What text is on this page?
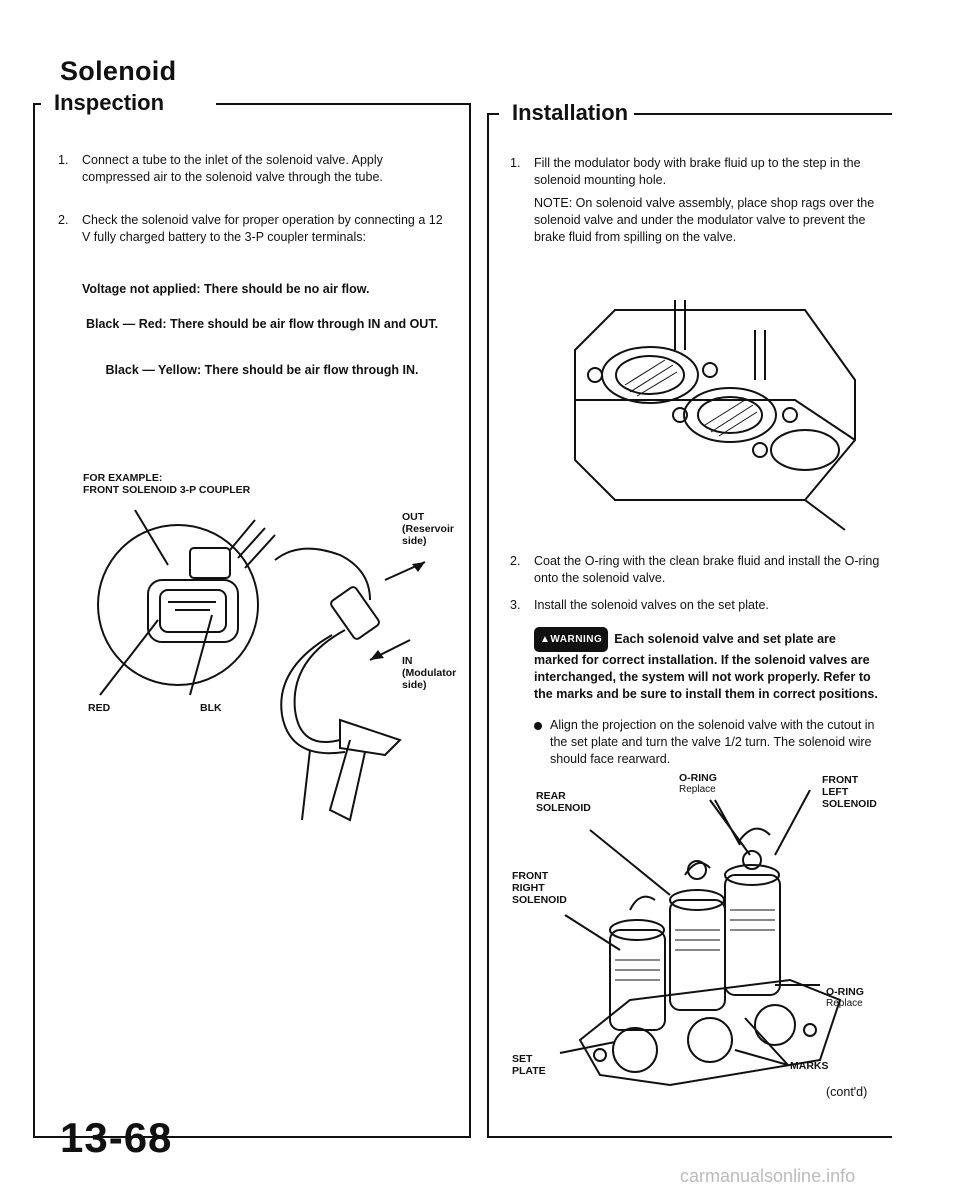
Solenoid
Inspection
1.	Connect a tube to the inlet of the solenoid valve. Apply compressed air to the solenoid valve through the tube.
2.	Check the solenoid valve for proper operation by connecting a 12 V fully charged battery to the 3-P coupler terminals:
Voltage not applied: There should be no air flow.
Black — Red: There should be air flow through IN and OUT.
Black — Yellow: There should be air flow through IN.
FOR EXAMPLE:
FRONT SOLENOID 3-P COUPLER
OUT
(Reservoir side)
IN
(Modulator side)
RED	BLK
Installation
1.	Fill the modulator body with brake fluid up to the step in the solenoid mounting hole.
NOTE: On solenoid valve assembly, place shop rags over the solenoid valve and under the modulator valve to prevent the brake fluid from spilling on the valve.
2.	Coat the O-ring with the clean brake fluid and install the O-ring onto the solenoid valve.
3.	Install the solenoid valves on the set plate.
▲WARNING Each solenoid valve and set plate are marked for correct installation. If the solenoid valves are interchanged, the system will not work properly. Refer to the marks and be sure to install them in correct positions.
Align the projection on the solenoid valve with the cutout in the set plate and turn the valve 1/2 turn. The solenoid wire should face rearward.
REAR SOLENOID
O-RING
Replace
FRONT LEFT SOLENOID
FRONT RIGHT SOLENOID
O-RING
Replace
SET PLATE	MARKS
(cont'd)
13-68
carmanualsonline.info
